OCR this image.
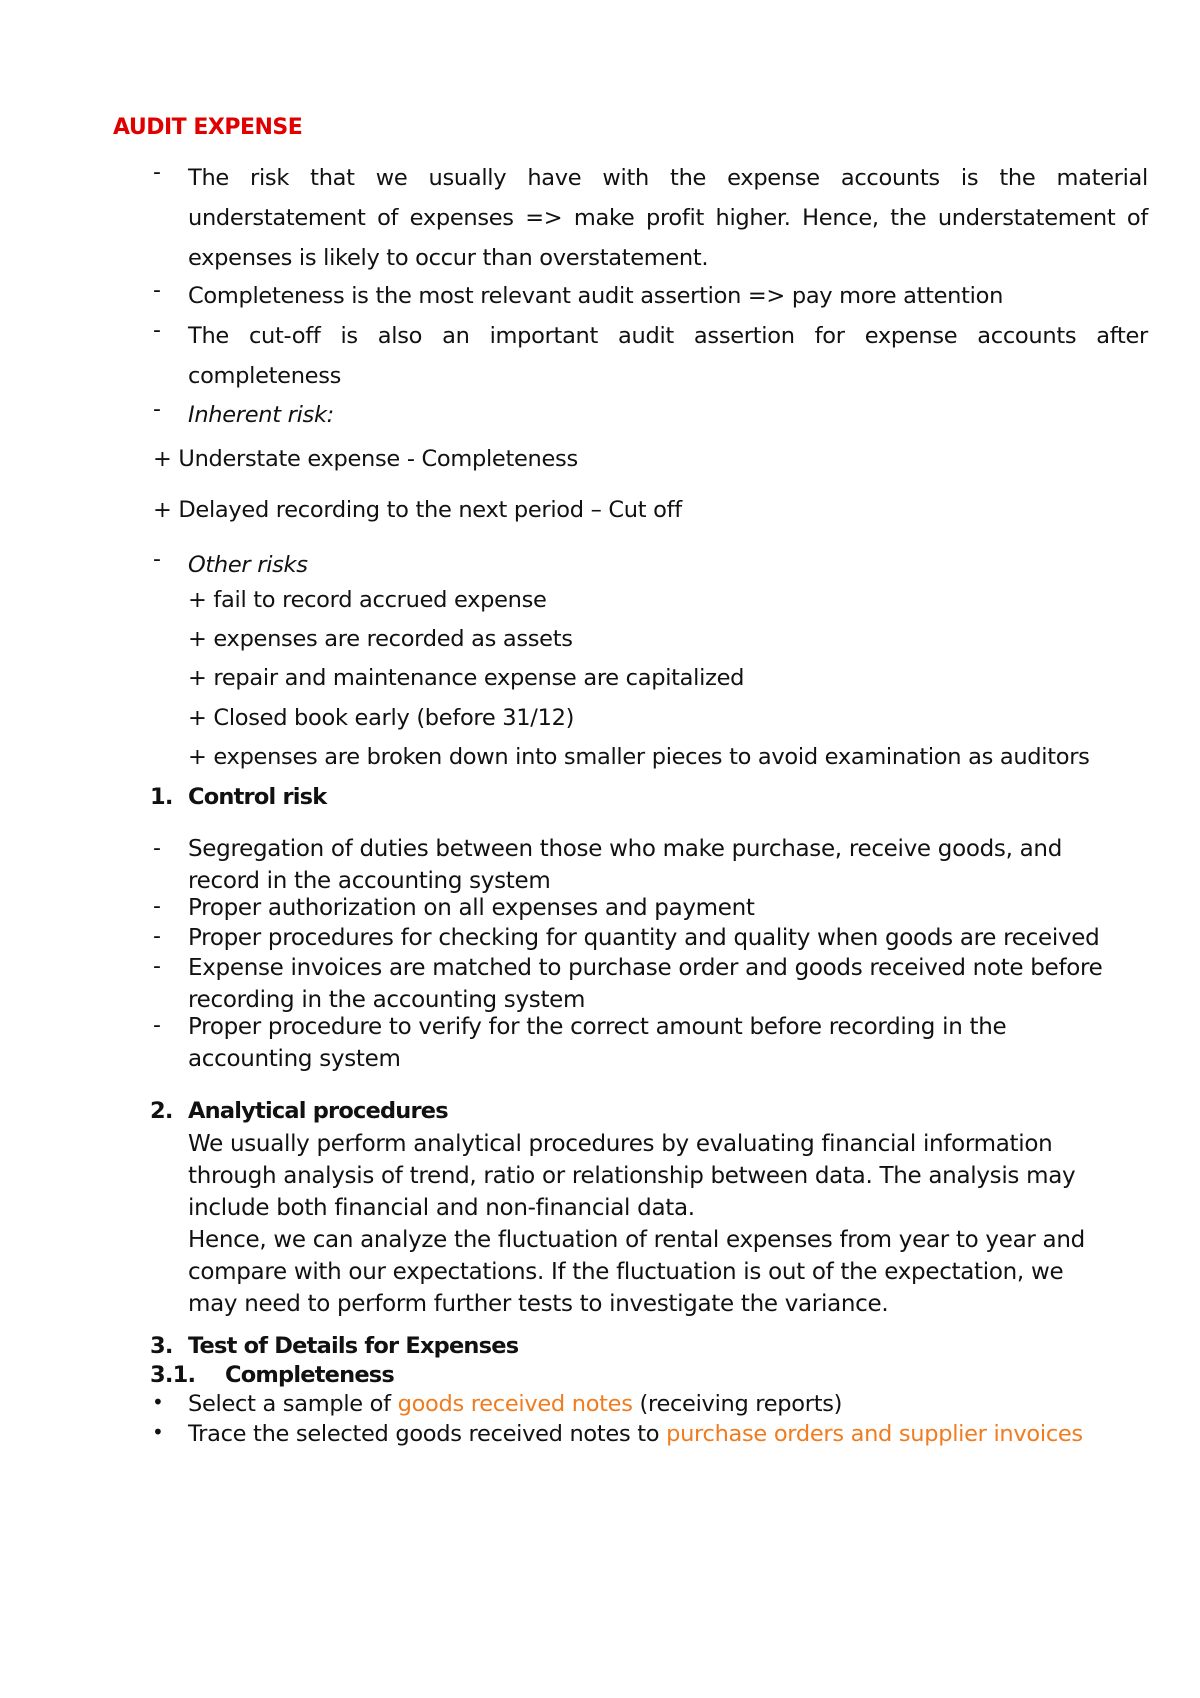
AUDIT EXPENSE
- The risk that we usually have with the expense accounts is the material
understatement of expenses => make profit higher. Hence, the understatement of
expenses is likely to occur than overstatement.
- Completeness is the most relevant audit assertion => pay more attention
- The cut-off is also an important audit assertion for expense accounts after
completeness
- Inherent risk:
+ Understate expense - Completeness
+ Delayed recording to the next period – Cut off
- Other risks
+ fail to record accrued expense
+ expenses are recorded as assets
+ repair and maintenance expense are capitalized
+ Closed book early (before 31/12)
+ expenses are broken down into smaller pieces to avoid examination as auditors
1. Control risk
- Segregation of duties between those who make purchase, receive goods, and
record in the accounting system
- Proper authorization on all expenses and payment
- Proper procedures for checking for quantity and quality when goods are received
- Expense invoices are matched to purchase order and goods received note before
recording in the accounting system
- Proper procedure to verify for the correct amount before recording in the
accounting system
2. Analytical procedures
We usually perform analytical procedures by evaluating financial information
through analysis of trend, ratio or relationship between data. The analysis may
include both financial and non-financial data.
Hence, we can analyze the fluctuation of rental expenses from year to year and
compare with our expectations. If the fluctuation is out of the expectation, we
may need to perform further tests to investigate the variance.
3. Test of Details for Expenses
3.1. Completeness
• Select a sample of goods received notes (receiving reports)
• Trace the selected goods received notes to purchase orders and supplier invoices
